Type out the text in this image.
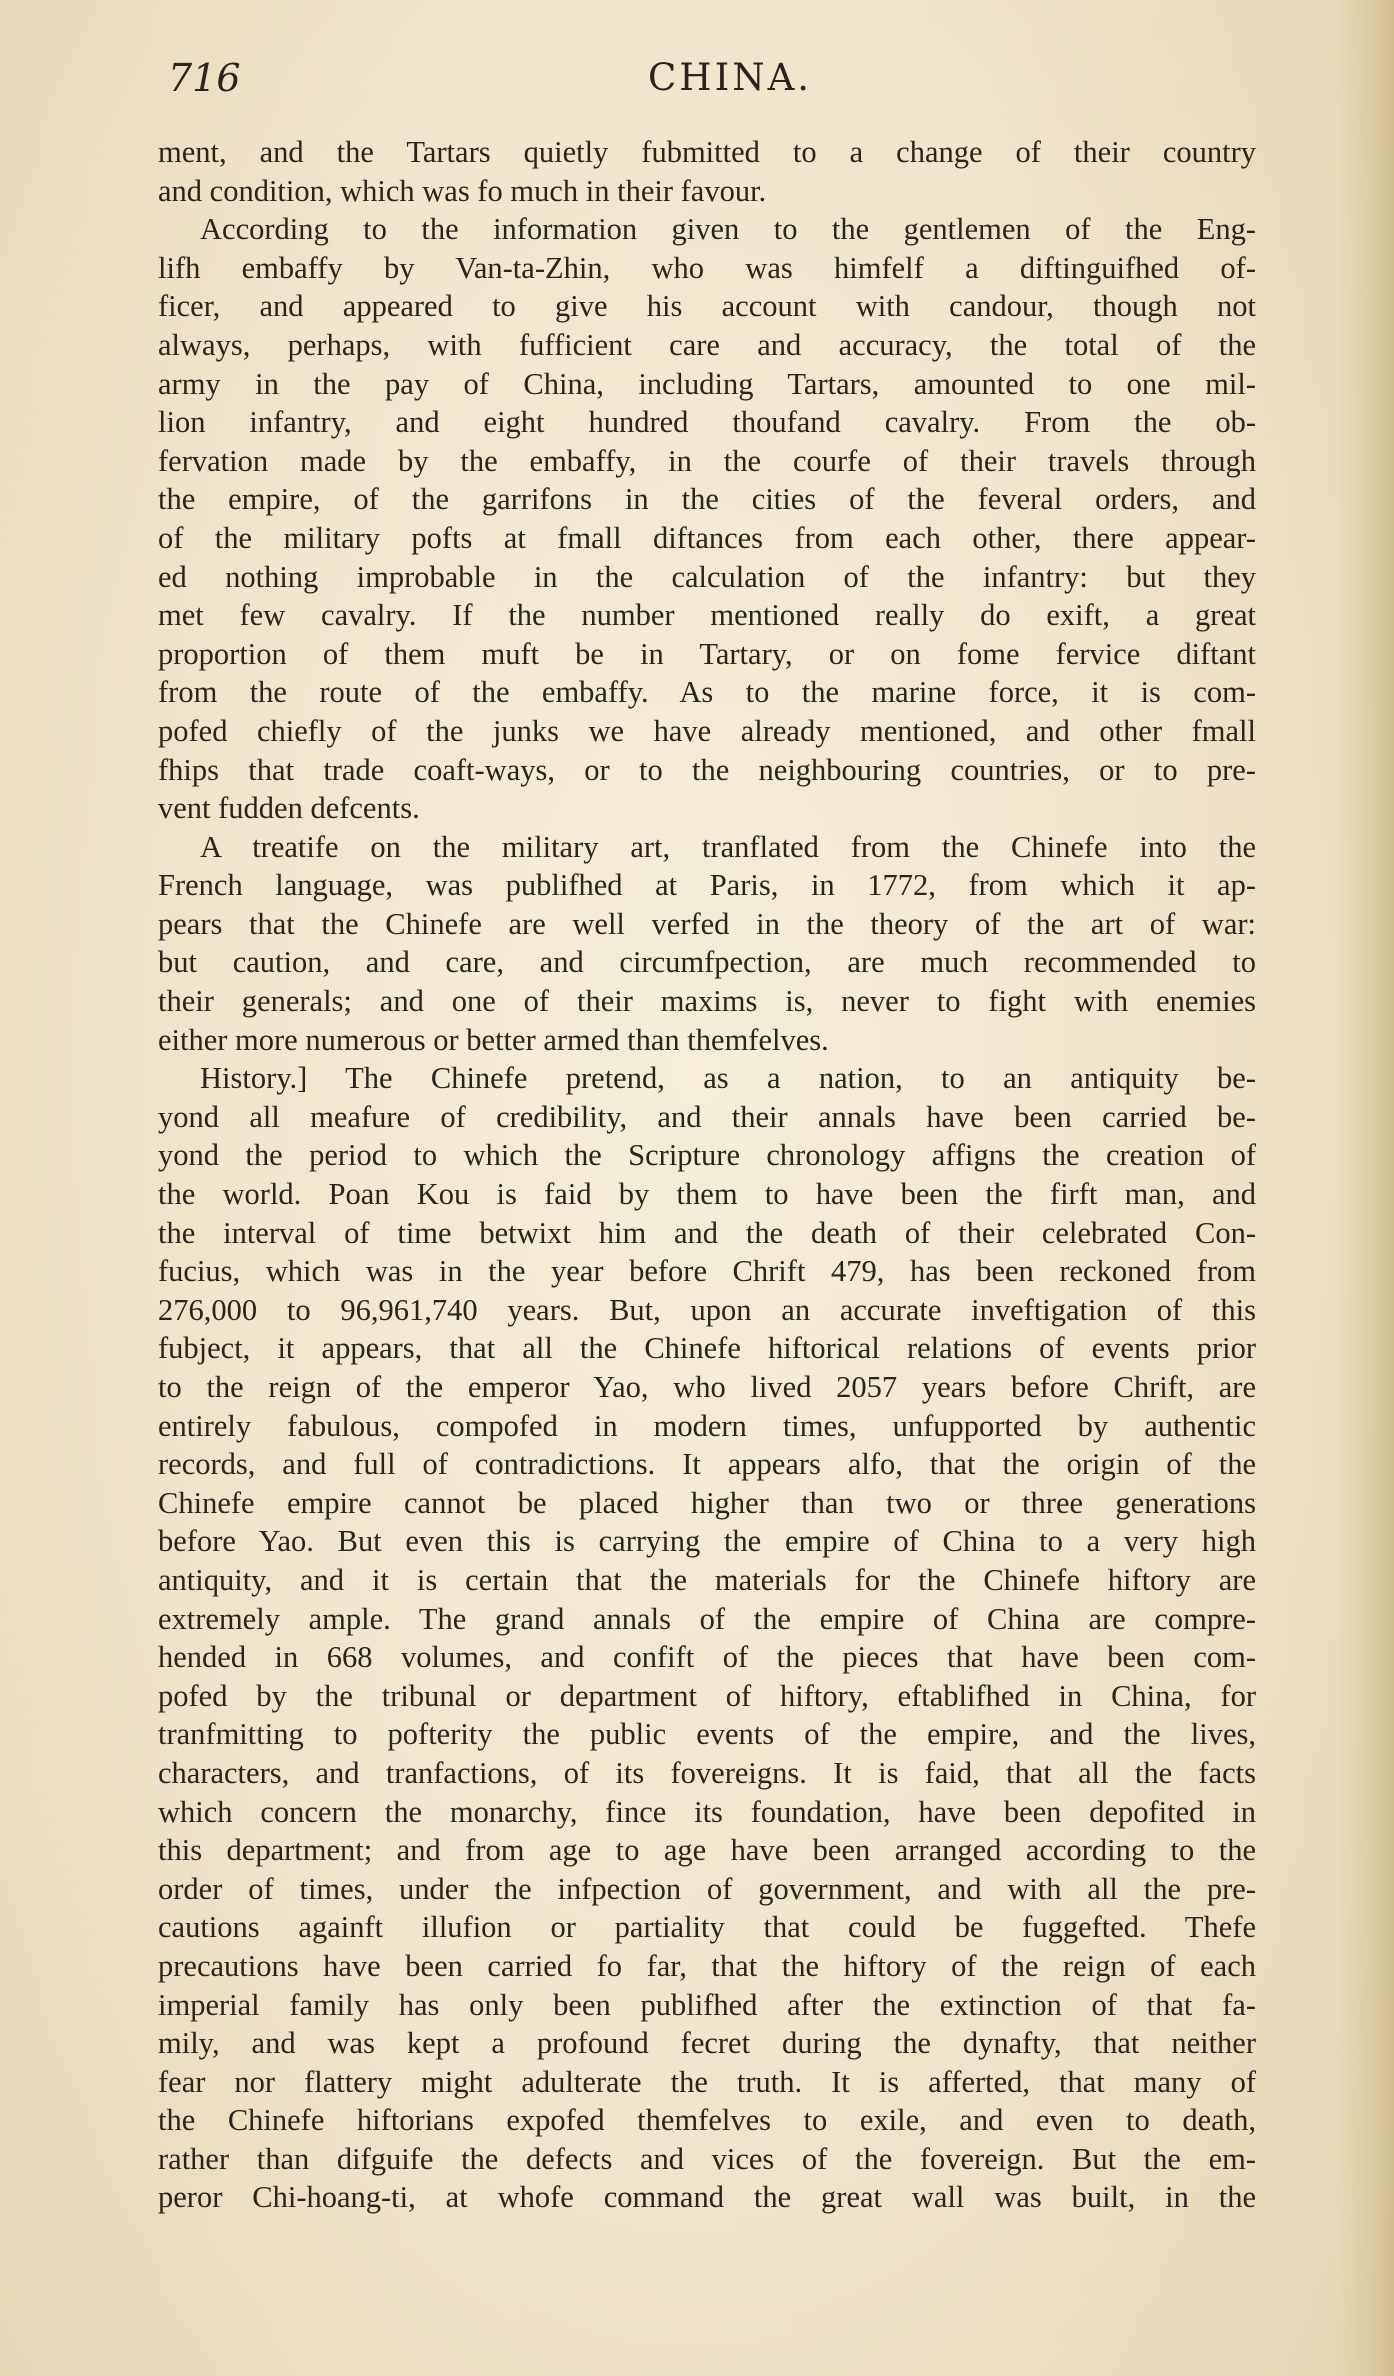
716	CHINA.
ment, and the Tartars quietly fubmitted to a change of their country
and condition, which was fo much in their favour.
According to the information given to the gentlemen of the Eng-
lifh embaffy by Van-ta-Zhin, who was himfelf a diftinguifhed of-
ficer, and appeared to give his account with candour, though not
always, perhaps, with fufficient care and accuracy, the total of the
army in the pay of China, including Tartars, amounted to one mil-
lion infantry, and eight hundred thoufand cavalry. From the ob-
fervation made by the embaffy, in the courfe of their travels through
the empire, of the garrifons in the cities of the feveral orders, and
of the military pofts at fmall diftances from each other, there appear-
ed nothing improbable in the calculation of the infantry: but they
met few cavalry. If the number mentioned really do exift, a great
proportion of them muft be in Tartary, or on fome fervice diftant
from the route of the embaffy. As to the marine force, it is com-
pofed chiefly of the junks we have already mentioned, and other fmall
fhips that trade coaft-ways, or to the neighbouring countries, or to pre-
vent fudden defcents.
A treatife on the military art, tranflated from the Chinefe into the
French language, was publifhed at Paris, in 1772, from which it ap-
pears that the Chinefe are well verfed in the theory of the art of war:
but caution, and care, and circumfpection, are much recommended to
their generals; and one of their maxims is, never to fight with enemies
either more numerous or better armed than themfelves.
History.] The Chinefe pretend, as a nation, to an antiquity be-
yond all meafure of credibility, and their annals have been carried be-
yond the period to which the Scripture chronology affigns the creation of
the world. Poan Kou is faid by them to have been the firft man, and
the interval of time betwixt him and the death of their celebrated Con-
fucius, which was in the year before Chrift 479, has been reckoned from
276,000 to 96,961,740 years. But, upon an accurate inveftigation of this
fubject, it appears, that all the Chinefe hiftorical relations of events prior
to the reign of the emperor Yao, who lived 2057 years before Chrift, are
entirely fabulous, compofed in modern times, unfupported by authentic
records, and full of contradictions. It appears alfo, that the origin of the
Chinefe empire cannot be placed higher than two or three generations
before Yao. But even this is carrying the empire of China to a very high
antiquity, and it is certain that the materials for the Chinefe hiftory are
extremely ample. The grand annals of the empire of China are compre-
hended in 668 volumes, and confift of the pieces that have been com-
pofed by the tribunal or department of hiftory, eftablifhed in China, for
tranfmitting to pofterity the public events of the empire, and the lives,
characters, and tranfactions, of its fovereigns. It is faid, that all the facts
which concern the monarchy, fince its foundation, have been depofited in
this department; and from age to age have been arranged according to the
order of times, under the infpection of government, and with all the pre-
cautions againft illufion or partiality that could be fuggefted. Thefe
precautions have been carried fo far, that the hiftory of the reign of each
imperial family has only been publifhed after the extinction of that fa-
mily, and was kept a profound fecret during the dynafty, that neither
fear nor flattery might adulterate the truth. It is afferted, that many of
the Chinefe hiftorians expofed themfelves to exile, and even to death,
rather than difguife the defects and vices of the fovereign. But the em-
peror Chi-hoang-ti, at whofe command the great wall was built, in the
